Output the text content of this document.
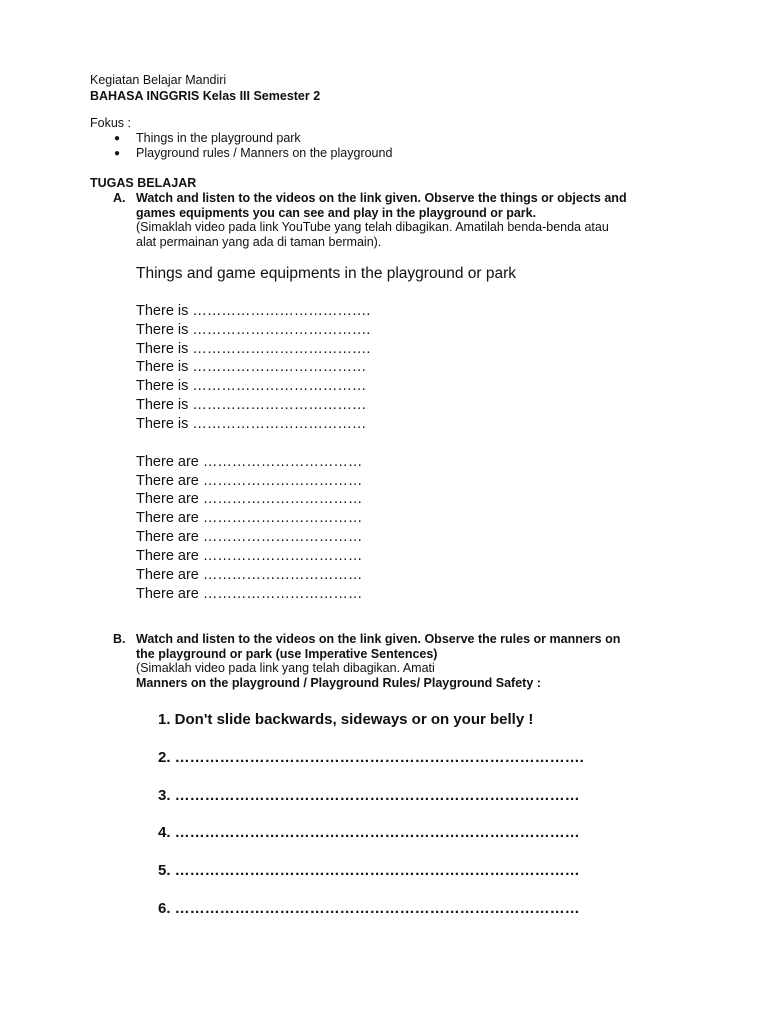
Kegiatan Belajar Mandiri
BAHASA INGGRIS Kelas III Semester 2
Fokus :
● Things in the playground park
● Playground rules / Manners on the playground
TUGAS BELAJAR
A. Watch and listen to the videos on the link given. Observe the things or objects and
games equipments you can see and play in the playground or park.
(Simaklah video pada link YouTube yang telah dibagikan. Amatilah benda-benda atau
alat permainan yang ada di taman bermain).
Things and game equipments in the playground or park
There is ……………………………….
There is ……………………………….
There is ……………………………….
There is ………………………………
There is ………………………………
There is ………………………………
There is ………………………………
There are ……………………………
There are ……………………………
There are ……………………………
There are ……………………………
There are ……………………………
There are ……………………………
There are ……………………………
There are ……………………………
B. Watch and listen to the videos on the link given. Observe the rules or manners on
the playground or park (use Imperative Sentences)
(Simaklah video pada link yang telah dibagikan. Amati
Manners on the playground / Playground Rules/ Playground Safety :
1. Don't slide backwards, sideways or on your belly !
2. ……………………………………………………………………….
3. ………………………………………………………………………
4. ………………………………………………………………………
5. ………………………………………………………………………
6. ………………………………………………………………………
